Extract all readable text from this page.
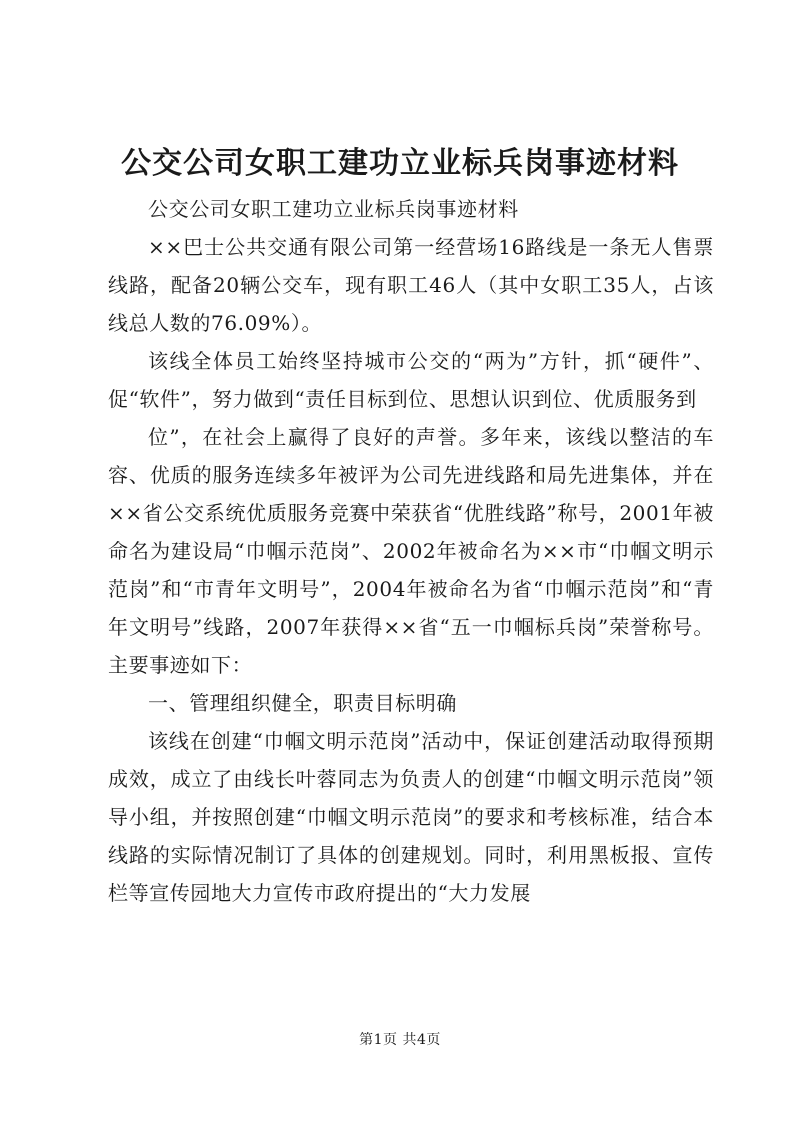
公交公司女职工建功立业标兵岗事迹材料

公交公司女职工建功立业标兵岗事迹材料

××巴士公共交通有限公司第一经营场16路线是一条无人售票线路，配备20辆公交车，现有职工46人（其中女职工35人，占该线总人数的76.09%）。

该线全体员工始终坚持城市公交的“两为”方针，抓“硬件”、促“软件”，努力做到“责任目标到位、思想认识到位、优质服务到

位”，在社会上赢得了良好的声誉。多年来，该线以整洁的车容、优质的服务连续多年被评为公司先进线路和局先进集体，并在××省公交系统优质服务竞赛中荣获省“优胜线路”称号，2001年被命名为建设局“巾帼示范岗”、2002年被命名为××市“巾帼文明示范岗”和“市青年文明号”，2004年被命名为省“巾帼示范岗”和“青年文明号”线路，2007年获得××省“五一巾帼标兵岗”荣誉称号。主要事迹如下：

一、管理组织健全，职责目标明确

该线在创建“巾帼文明示范岗”活动中，保证创建活动取得预期成效，成立了由线长叶蓉同志为负责人的创建“巾帼文明示范岗”领导小组，并按照创建“巾帼文明示范岗”的要求和考核标准，结合本线路的实际情况制订了具体的创建规划。同时，利用黑板报、宣传栏等宣传园地大力宣传市政府提出的“大力发展

第1页 共4页
